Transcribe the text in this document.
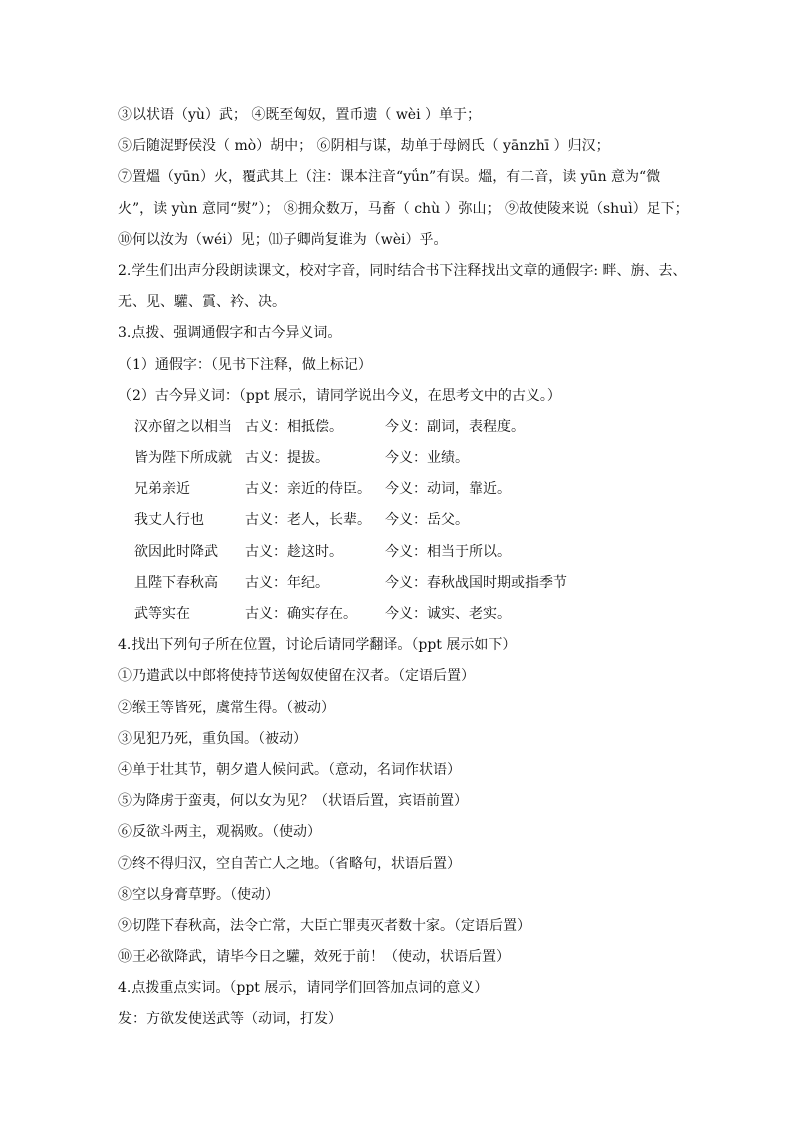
③以状语（yù）武； ④既至匈奴，置币遗（ wèi ）单于；
⑤后随浞野侯没（ mò）胡中； ⑥阴相与谋，劫单于母阏氏（ yānzhī ）归汉；
⑦置熅（yūn）火，覆武其上（注：课本注音“yǘn”有误。熅，有二音，读 yūn 意为“微
火”，读 yùn 意同“熨”）； ⑧拥众数万，马畜（ chù ）弥山； ⑨故使陵来说（shuì）足下；
⑩何以汝为（wéi）见；⑾子卿尚复谁为（wèi）乎。
2.学生们出声分段朗读课文，校对字音，同时结合书下注释找出文章的通假字: 畔、旃、去、
无、见、驩、霣、衿、决。
3.点拨、强调通假字和古今异义词。
（1）通假字：（见书下注释，做上标记）
（2）古今异义词：（ppt 展示，请同学说出今义，在思考文中的古义。）
汉亦留之以相当 古义：相抵偿。	今义：副词，表程度。
皆为陛下所成就 古义：提拔。	今义：业绩。
兄弟亲近	古义：亲近的侍臣。 今义：动词，靠近。
我丈人行也	古义：老人，长辈。 今义：岳父。
欲因此时降武 古义：趁这时。	今义：相当于所以。
且陛下春秋高 古义：年纪。	今义：春秋战国时期或指季节
武等实在	古义：确实存在。 今义：诚实、老实。
4.找出下列句子所在位置，讨论后请同学翻译。（ppt 展示如下）
①乃遣武以中郎将使持节送匈奴使留在汉者。（定语后置）
②缑王等皆死，虞常生得。（被动）
③见犯乃死，重负国。（被动）
④单于壮其节，朝夕遣人候问武。（意动，名词作状语）
⑤为降虏于蛮夷，何以女为见？（状语后置，宾语前置）
⑥反欲斗两主，观祸败。（使动）
⑦终不得归汉，空自苦亡人之地。（省略句，状语后置）
⑧空以身膏草野。（使动）
⑨切陛下春秋高，法令亡常，大臣亡罪夷灭者数十家。（定语后置）
⑩王必欲降武，请毕今日之驩，效死于前！（使动，状语后置）
4.点拨重点实词。（ppt 展示，请同学们回答加点词的意义）
发：方欲发使送武等（动词，打发）
